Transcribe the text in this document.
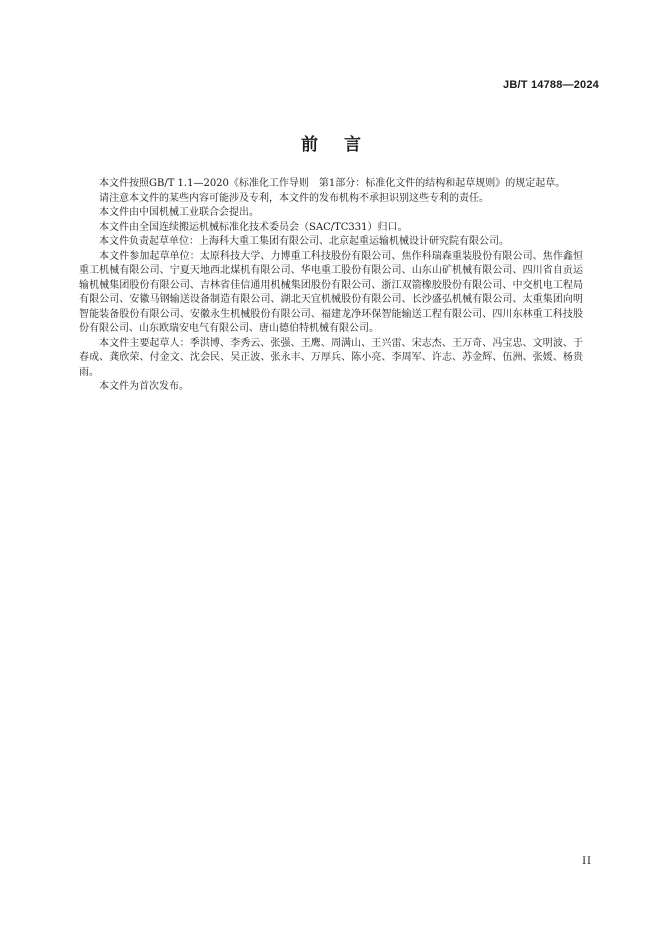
JB/T 14788—2024
前言

本文件按照GB/T 1.1—2020《标准化工作导则　第1部分：标准化文件的结构和起草规则》的规定起草。

请注意本文件的某些内容可能涉及专利，本文件的发布机构不承担识别这些专利的责任。

本文件由中国机械工业联合会提出。

本文件由全国连续搬运机械标准化技术委员会（SAC/TC331）归口。

本文件负责起草单位：上海科大重工集团有限公司、北京起重运输机械设计研究院有限公司。

本文件参加起草单位：太原科技大学、力博重工科技股份有限公司、焦作科瑞森重装股份有限公司、焦作鑫恒重工机械有限公司、宁夏天地西北煤机有限公司、华电重工股份有限公司、山东山矿机械有限公司、四川省自贡运输机械集团股份有限公司、吉林省佳信通用机械集团股份有限公司、浙江双箭橡胶股份有限公司、中交机电工程局有限公司、安徽马钢输送设备制造有限公司、湖北天宜机械股份有限公司、长沙盛弘机械有限公司、太重集团向明智能装备股份有限公司、安徽永生机械股份有限公司、福建龙净环保智能输送工程有限公司、四川东林重工科技股份有限公司、山东欧瑞安电气有限公司、唐山德伯特机械有限公司。

本文件主要起草人：季洪博、李秀云、张强、王鹰、周满山、王兴雷、宋志杰、王万奇、冯宝忠、文明波、于春成、龚欣荣、付金文、沈会民、吴正波、张永丰、万厚兵、陈小亮、李周军、许志、苏金辉、伍洲、张媛、杨贵雨。

本文件为首次发布。

II
